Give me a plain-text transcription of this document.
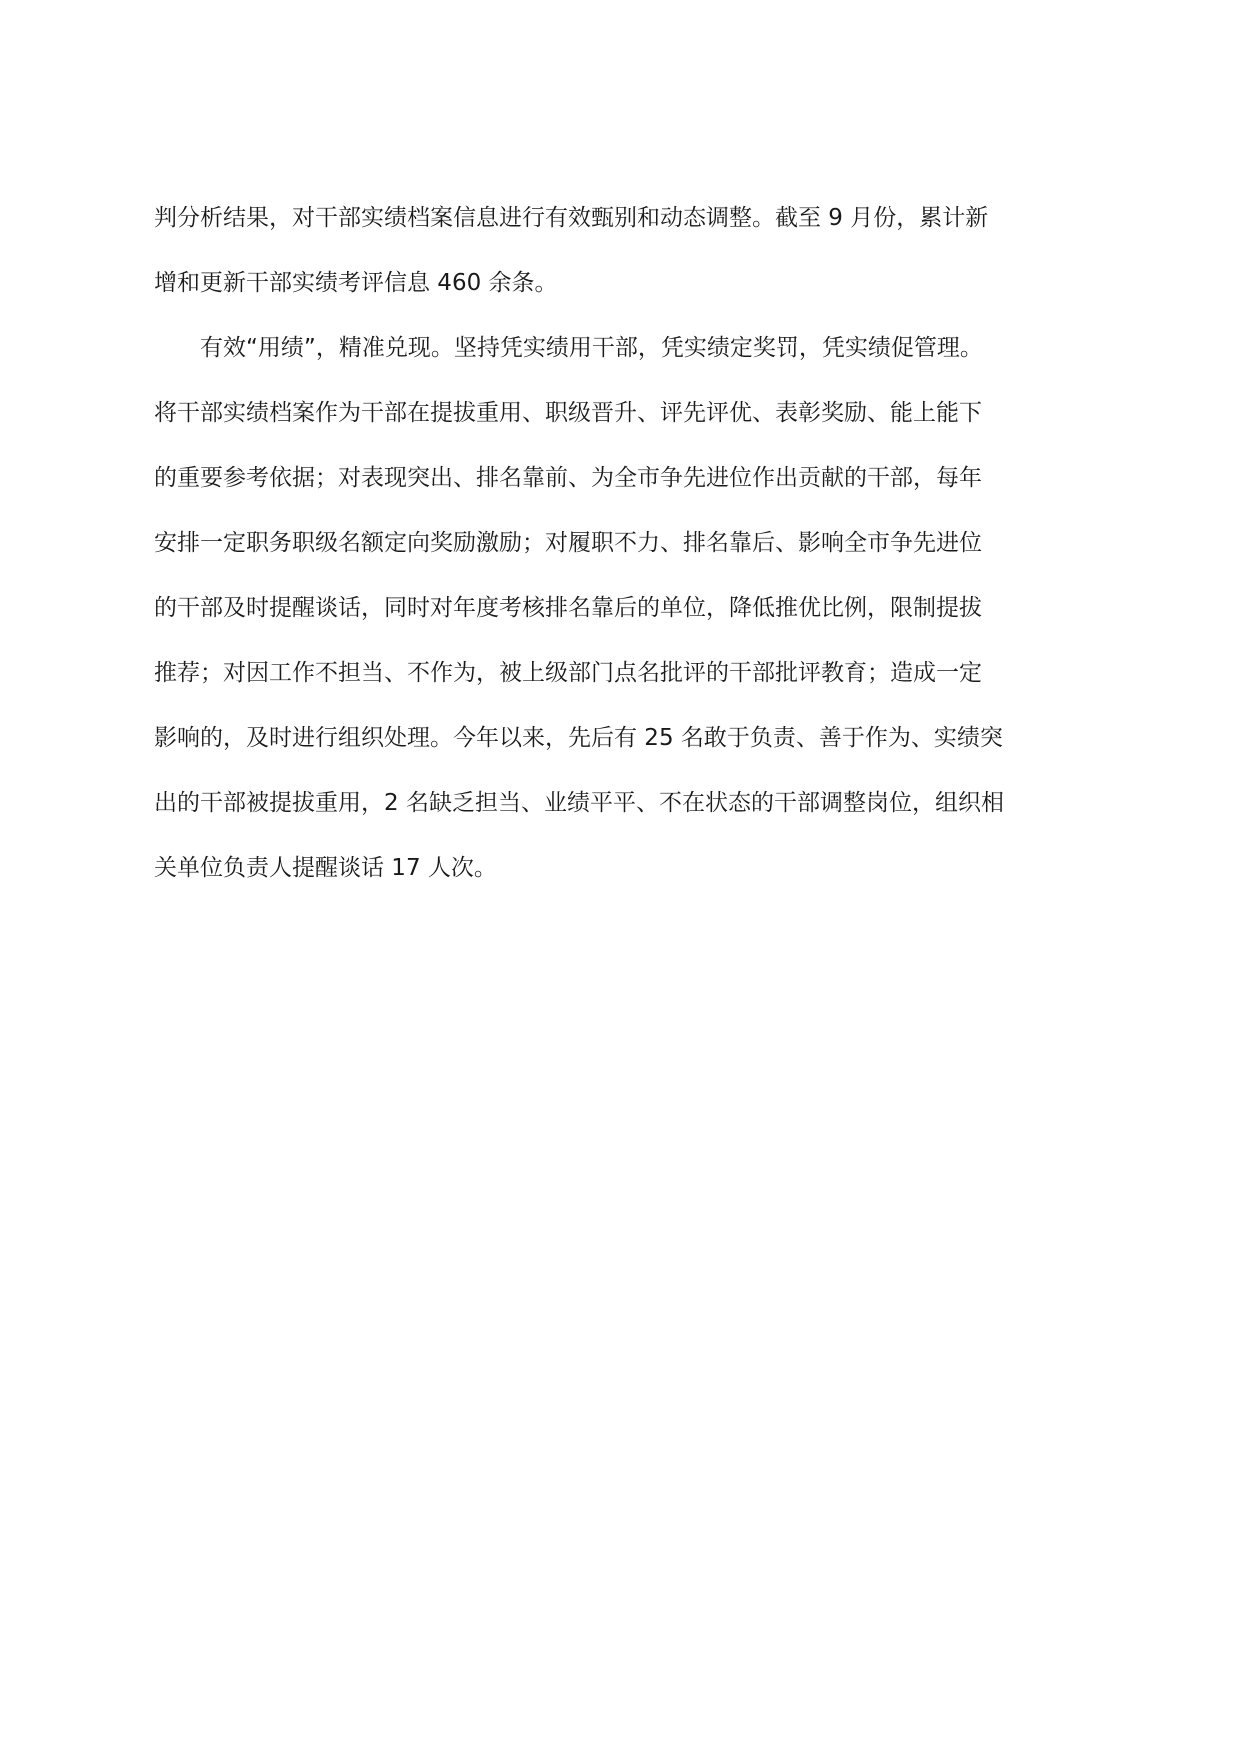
判分析结果，对干部实绩档案信息进行有效甄别和动态调整。截至 9 月份，累计新
增和更新干部实绩考评信息 460 余条。
有效“用绩”，精准兑现。坚持凭实绩用干部，凭实绩定奖罚，凭实绩促管理。
将干部实绩档案作为干部在提拔重用、职级晋升、评先评优、表彰奖励、能上能下
的重要参考依据；对表现突出、排名靠前、为全市争先进位作出贡献的干部，每年
安排一定职务职级名额定向奖励激励；对履职不力、排名靠后、影响全市争先进位
的干部及时提醒谈话，同时对年度考核排名靠后的单位，降低推优比例，限制提拔
推荐；对因工作不担当、不作为，被上级部门点名批评的干部批评教育；造成一定
影响的，及时进行组织处理。今年以来，先后有 25 名敢于负责、善于作为、实绩突
出的干部被提拔重用，2 名缺乏担当、业绩平平、不在状态的干部调整岗位，组织相
关单位负责人提醒谈话 17 人次。
